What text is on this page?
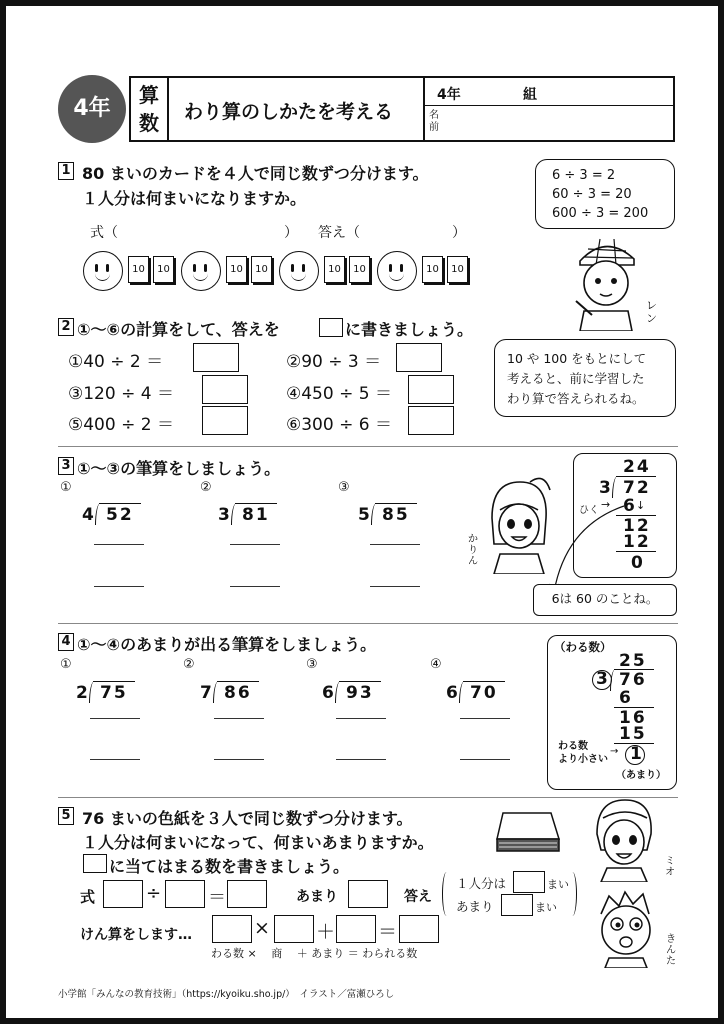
4年
算
数	わり算のしかたを考える
4年	組
名
前
1 80 まいのカードを４人で同じ数ずつ分けます。
１人分は何まいになりますか。
式（	） 答え（	）
10	10	10	10	10	10	10	10
6 ÷ 3 = 2
60 ÷ 3 = 20
600 ÷ 3 = 200
レ
ン
2 ①～⑥の計算をして、答えを	に書きましょう。
①40 ÷ 2 ＝	②90 ÷ 3 ＝
③120 ÷ 4 ＝	④450 ÷ 5 ＝
⑤400 ÷ 2 ＝	⑥300 ÷ 6 ＝
10 や 100 をもとにして
考えると、前に学習した
わり算で答えられるね。
3 ①～③の筆算をしましょう。
①
4 52
②
3 81
③
5 85
か
り
ん
24
3 72
ひく → 6 ↓
12
12
0
6は 60 のことね。
4 ①～④のあまりが出る筆算をしましょう。
①
2 75
②
7 86
③
6 93
④
6 70
（わる数）
25
3 76
6
16
15
1
わる数
より小さい
→
（あまり）
5 76 まいの色紙を３人で同じ数ずつ分けます。
１人分は何まいになって、何まいあまりますか。
に当てはまる数を書きましょう。	ミ
オ
き
ん
た
式	÷	＝	あまり	答え
１人分は	まい
あまり	まい
けん算をします…	× ＋ ＝
わる数 ×　 商 　＋ あまり ＝ わられる数
小学館「みんなの教育技術」（https://kyoiku.sho.jp/）　イラスト／富瀬ひろし
